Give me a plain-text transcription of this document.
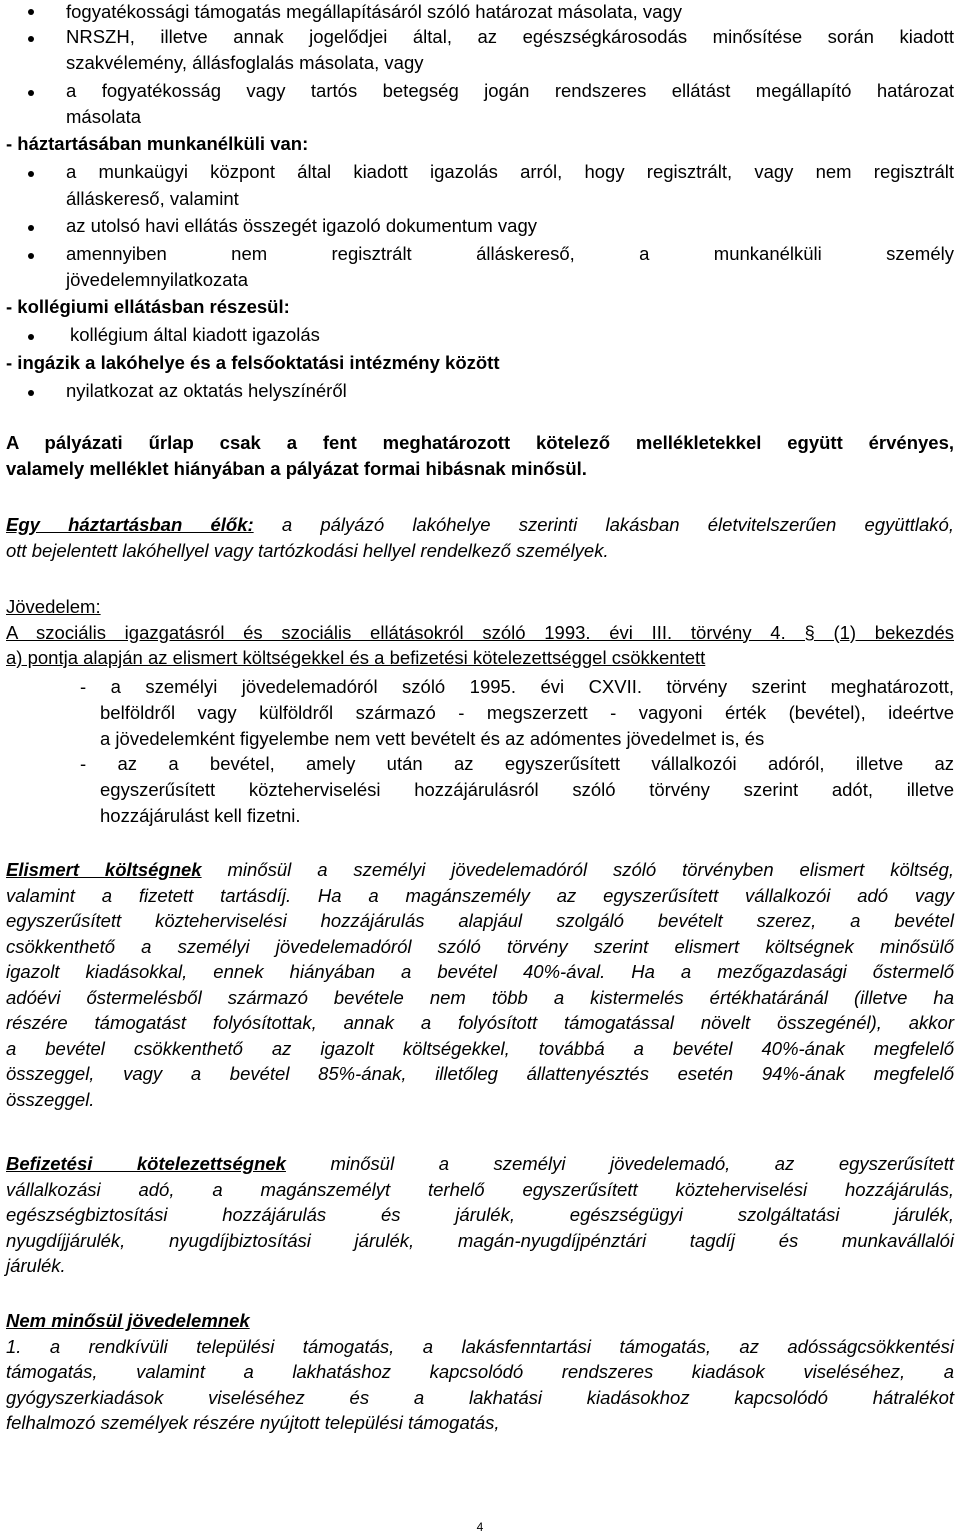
fogyatékossági támogatás megállapításáról szóló határozat másolata, vagy
NRSZH, illetve annak jogelődjei által, az egészségkárosodás minősítése során kiadott
szakvélemény, állásfoglalás másolata, vagy
a fogyatékosság vagy tartós betegség jogán rendszeres ellátást megállapító határozat
másolata
- háztartásában munkanélküli van:
a munkaügyi központ által kiadott igazolás arról, hogy regisztrált, vagy nem regisztrált
álláskereső, valamint
az utolsó havi ellátás összegét igazoló dokumentum vagy
amennyiben nem regisztrált álláskereső, a munkanélküli személy
jövedelemnyilatkozata
- kollégiumi ellátásban részesül:
kollégium által kiadott igazolás
- ingázik a lakóhelye és a felsőoktatási intézmény között
nyilatkozat az oktatás helyszínéről
A pályázati űrlap csak a fent meghatározott kötelező mellékletekkel együtt érvényes,
valamely melléklet hiányában a pályázat formai hibásnak minősül.
Egy háztartásban élők: a pályázó lakóhelye szerinti lakásban életvitelszerűen együttlakó,
ott bejelentett lakóhellyel vagy tartózkodási hellyel rendelkező személyek.
Jövedelem:
A szociális igazgatásról és szociális ellátásokról szóló 1993. évi III. törvény 4. § (1) bekezdés
a) pontja alapján az elismert költségekkel és a befizetési kötelezettséggel csökkentett
- a személyi jövedelemadóról szóló 1995. évi CXVII. törvény szerint meghatározott,
belföldről vagy külföldről származó - megszerzett - vagyoni érték (bevétel), ideértve
a jövedelemként figyelembe nem vett bevételt és az adómentes jövedelmet is, és
- az a bevétel, amely után az egyszerűsített vállalkozói adóról, illetve az
egyszerűsített közteherviselési hozzájárulásról szóló törvény szerint adót, illetve
hozzájárulást kell fizetni.
Elismert költségnek minősül a személyi jövedelemadóról szóló törvényben elismert költség,
valamint a fizetett tartásdíj. Ha a magánszemély az egyszerűsített vállalkozói adó vagy
egyszerűsített közteherviselési hozzájárulás alapjául szolgáló bevételt szerez, a bevétel
csökkenthető a személyi jövedelemadóról szóló törvény szerint elismert költségnek minősülő
igazolt kiadásokkal, ennek hiányában a bevétel 40%-ával. Ha a mezőgazdasági őstermelő
adóévi őstermelésből származó bevétele nem több a kistermelés értékhatáránál (illetve ha
részére támogatást folyósítottak, annak a folyósított támogatással növelt összegénél), akkor
a bevétel csökkenthető az igazolt költségekkel, továbbá a bevétel 40%-ának megfelelő
összeggel, vagy a bevétel 85%-ának, illetőleg állattenyésztés esetén 94%-ának megfelelő
összeggel.
Befizetési kötelezettségnek minősül a személyi jövedelemadó, az egyszerűsített
vállalkozási adó, a magánszemélyt terhelő egyszerűsített közteherviselési hozzájárulás,
egészségbiztosítási hozzájárulás és járulék, egészségügyi szolgáltatási járulék,
nyugdíjjárulék, nyugdíjbiztosítási járulék, magán-nyugdíjpénztári tagdíj és munkavállalói
járulék.
Nem minősül jövedelemnek
1. a rendkívüli települési támogatás, a lakásfenntartási támogatás, az adósságcsökkentési
támogatás, valamint a lakhatáshoz kapcsolódó rendszeres kiadások viseléséhez, a
gyógyszerkiadások viseléséhez és a lakhatási kiadásokhoz kapcsolódó hátralékot
felhalmozó személyek részére nyújtott települési támogatás,
4
